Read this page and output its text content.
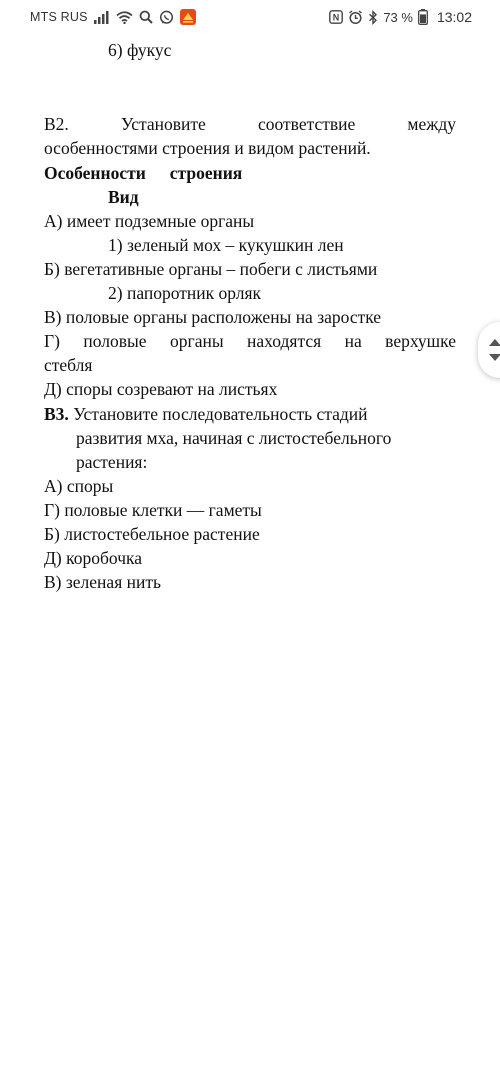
MTS RUS	N	73 % 13:02
6) фукус
В2.	Установите	соответствие	между
особенностями строения и видом растений.
Особенности строения
Вид
А) имеет подземные органы
1) зеленый мох – кукушкин лен
Б) вегетативные органы – побеги с листьями
2) папоротник орляк
В) половые органы расположены на заростке
Г) половые органы находятся на верхушке
стебля
Д) споры созревают на листьях
В3. Установите последовательность стадий
развития мха, начиная с листостебельного
растения:
А) споры
Г) половые клетки — гаметы
Б) листостебельное растение
Д) коробочка
В) зеленая нить
